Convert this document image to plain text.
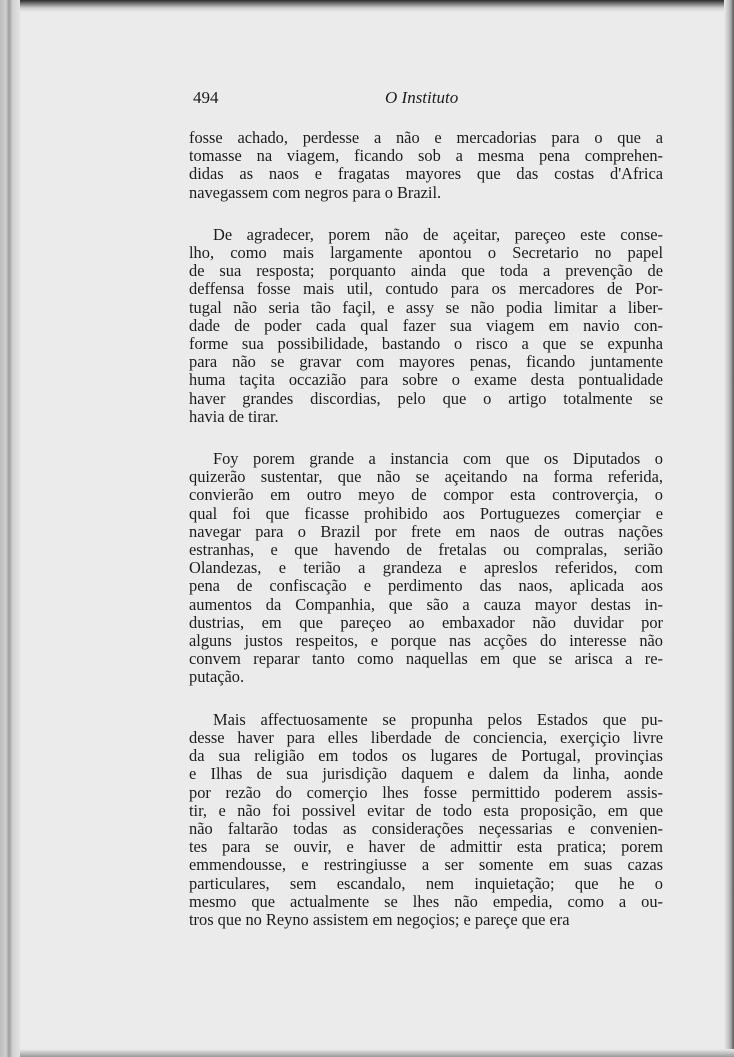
494	O Instituto
fosse achado, perdesse a não e mercadorias para o que a
tomasse na viagem, ficando sob a mesma pena comprehen-
didas as naos e fragatas mayores que das costas d'Africa
navegassem com negros para o Brazil.
De agradecer, porem não de açeitar, pareçeo este conse-
lho, como mais largamente apontou o Secretario no papel
de sua resposta; porquanto ainda que toda a prevenção de
deffensa fosse mais util, contudo para os mercadores de Por-
tugal não seria tão façil, e assy se não podia limitar a liber-
dade de poder cada qual fazer sua viagem em navio con-
forme sua possibilidade, bastando o risco a que se expunha
para não se gravar com mayores penas, ficando juntamente
huma taçita occazião para sobre o exame desta pontualidade
haver grandes discordias, pelo que o artigo totalmente se
havia de tirar.
Foy porem grande a instancia com que os Diputados o
quizerão sustentar, que não se açeitando na forma referida,
convierão em outro meyo de compor esta controverçia, o
qual foi que ficasse prohibido aos Portuguezes comerçiar e
navegar para o Brazil por frete em naos de outras nações
estranhas, e que havendo de fretalas ou compralas, serião
Olandezas, e terião a grandeza e apreslos referidos, com
pena de confiscação e perdimento das naos, aplicada aos
aumentos da Companhia, que são a cauza mayor destas in-
dustrias, em que pareçeo ao embaxador não duvidar por
alguns justos respeitos, e porque nas acções do interesse não
convem reparar tanto como naquellas em que se arisca a re-
putação.
Mais affectuosamente se propunha pelos Estados que pu-
desse haver para elles liberdade de conciencia, exerçiçio livre
da sua religião em todos os lugares de Portugal, provinçias
e Ilhas de sua jurisdição daquem e dalem da linha, aonde
por rezão do comerçio lhes fosse permittido poderem assis-
tir, e não foi possivel evitar de todo esta proposição, em que
não faltarão todas as considerações neçessarias e convenien-
tes para se ouvir, e haver de admittir esta pratica; porem
emmendousse, e restringiusse a ser somente em suas cazas
particulares, sem escandalo, nem inquietação; que he o
mesmo que actualmente se lhes não empedia, como a ou-
tros que no Reyno assistem em negoçios; e pareçe que era
